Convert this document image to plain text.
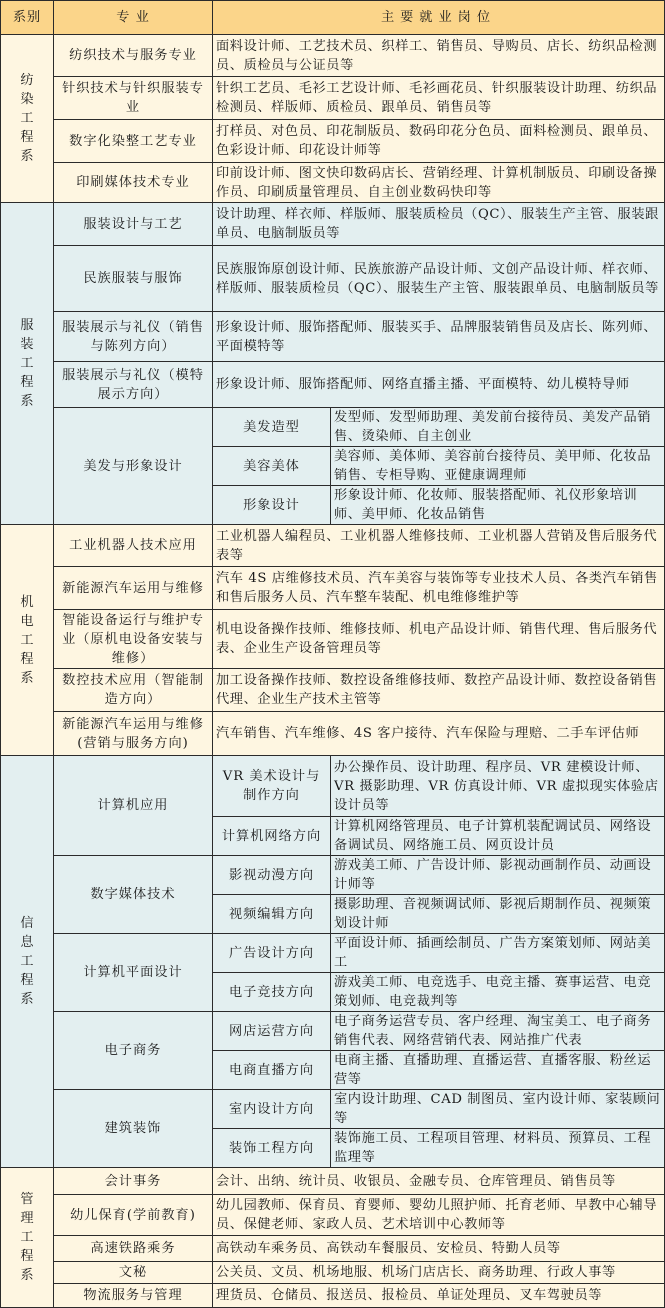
系别	专 业	主要就业岗位	
纺染工程系	纺织技术与服务专业	面料设计师、工艺技术员、织样工、销售员、导购员、店长、纺织品检测员、质检员与公证员等	
	针织技术与针织服装专业	针织工艺员、毛衫工艺设计师、毛衫画花员、针织服装设计助理、纺织品检测员、样版师、质检员、跟单员、销售员等	
	数字化染整工艺专业	打样员、对色员、印花制版员、数码印花分色员、面料检测员、跟单员、色彩设计师、印花设计师等	
	印刷媒体技术专业	印前设计师、图文快印数码店长、营销经理、计算机制版员、印刷设备操作员、印刷质量管理员、自主创业数码快印等	
服装工程系	服装设计与工艺	设计助理、样衣师、样版师、服装质检员（QC）、服装生产主管、服装跟单员、电脑制版员等	
	民族服装与服饰	民族服饰原创设计师、民族旅游产品设计师、文创产品设计师、样衣师、样版师、服装质检员（QC）、服装生产主管、服装跟单员、电脑制版员等	
	服装展示与礼仪（销售与陈列方向）	形象设计师、服饰搭配师、服装买手、品牌服装销售员及店长、陈列师、平面模特等	
	服装展示与礼仪（模特展示方向）	形象设计师、服饰搭配师、网络直播主播、平面模特、幼儿模特导师	
	美发与形象设计	美发造型	发型师、发型师助理、美发前台接待员、美发产品销售、烫染师、自主创业
		美容美体	美容师、美体师、美容前台接待员、美甲师、化妆品销售、专柜导购、亚健康调理师
		形象设计	形象设计师、化妆师、服装搭配师、礼仪形象培训师、美甲师、化妆品销售
机电工程系	工业机器人技术应用	工业机器人编程员、工业机器人维修技师、工业机器人营销及售后服务代表等	
	新能源汽车运用与维修	汽车 4S 店维修技术员、汽车美容与装饰等专业技术人员、各类汽车销售和售后服务人员、汽车整车装配、机电维修维护等	
	智能设备运行与维护专业（原机电设备安装与维修）	机电设备操作技师、维修技师、机电产品设计师、销售代理、售后服务代表、企业生产设备管理员等	
	数控技术应用（智能制造方向）	加工设备操作技师、数控设备维修技师、数控产品设计师、数控设备销售代理、企业生产技术主管等	
	新能源汽车运用与维修(营销与服务方向)	汽车销售、汽车维修、4S 客户接待、汽车保险与理赔、二手车评估师	
信息工程系	计算机应用	VR 美术设计与制作方向	办公操作员、设计助理、程序员、VR 建模设计师、VR 摄影助理、VR 仿真设计师、VR 虚拟现实体验店设计员等
		计算机网络方向	计算机网络管理员、电子计算机装配调试员、网络设备调试员、网络施工员、网页设计员
	数字媒体技术	影视动漫方向	游戏美工师、广告设计师、影视动画制作员、动画设计师等
		视频编辑方向	摄影助理、音视频调试师、影视后期制作员、视频策划设计师
	计算机平面设计	广告设计方向	平面设计师、插画绘制员、广告方案策划师、网站美工
		电子竞技方向	游戏美工师、电竞选手、电竞主播、赛事运营、电竞策划师、电竞裁判等
	电子商务	网店运营方向	电子商务运营专员、客户经理、淘宝美工、电子商务销售代表、网络营销代表、网站推广代表
		电商直播方向	电商主播、直播助理、直播运营、直播客服、粉丝运营等
	建筑装饰	室内设计方向	室内设计助理、CAD 制图员、室内设计师、家装顾问等
		装饰工程方向	装饰施工员、工程项目管理、材料员、预算员、工程监理等
管理工程系	会计事务	会计、出纳、统计员、收银员、金融专员、仓库管理员、销售员等	
	幼儿保育(学前教育)	幼儿园教师、保育员、育婴师、婴幼儿照护师、托育老师、早教中心辅导员、保健老师、家政人员、艺术培训中心教师等	
	高速铁路乘务	高铁动车乘务员、高铁动车餐服员、安检员、特勤人员等	
	文秘	公关员、文员、机场地服、机场门店店长、商务助理、行政人事等	
	物流服务与管理	理货员、仓储员、报送员、报检员、单证处理员、叉车驾驶员等	
